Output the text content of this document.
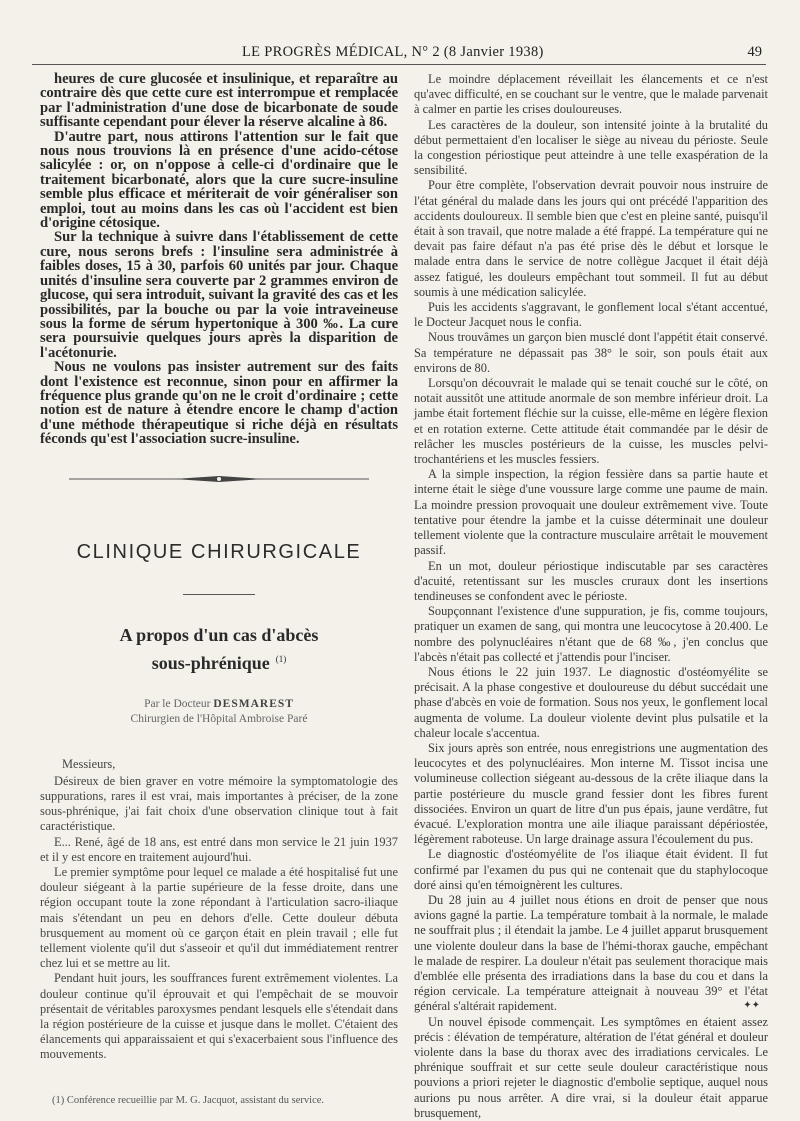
LE PROGRÈS MÉDICAL, N° 2 (8 Janvier 1938)	49

heures de cure glucosée et insulinique, et reparaître au contraire dès que cette cure est interrompue et remplacée par l'administration d'une dose de bicarbonate de soude suffisante cependant pour élever la réserve alcaline à 86.

D'autre part, nous attirons l'attention sur le fait que nous nous trouvions là en présence d'une acido-cétose salicylée : or, on n'oppose à celle-ci d'ordinaire que le traitement bicarbonaté, alors que la cure sucre-insuline semble plus efficace et mériterait de voir généraliser son emploi, tout au moins dans les cas où l'accident est bien d'origine cétosique.

Sur la technique à suivre dans l'établissement de cette cure, nous serons brefs : l'insuline sera administrée à faibles doses, 15 à 30, parfois 60 unités par jour. Chaque unités d'insuline sera couverte par 2 grammes environ de glucose, qui sera introduit, suivant la gravité des cas et les possibilités, par la bouche ou par la voie intraveineuse sous la forme de sérum hypertonique à 300 ‰. La cure sera poursuivie quelques jours après la disparition de l'acétonurie.

Nous ne voulons pas insister autrement sur des faits dont l'existence est reconnue, sinon pour en affirmer la fréquence plus grande qu'on ne le croit d'ordinaire ; cette notion est de nature à étendre encore le champ d'action d'une méthode thérapeutique si riche déjà en résultats féconds qu'est l'association sucre-insuline.

CLINIQUE CHIRURGICALE
A propos d'un cas d'abcès
sous-phrénique $^{(1)}$
Par le Docteur DESMAREST
Chirurgien de l'Hôpital Ambroise Paré

Messieurs,

Désireux de bien graver en votre mémoire la symptomatologie des suppurations, rares il est vrai, mais importantes à préciser, de la zone sous-phrénique, j'ai fait choix d'une observation clinique tout à fait caractéristique.

E... René, âgé de 18 ans, est entré dans mon service le 21 juin 1937 et il y est encore en traitement aujourd'hui.

Le premier symptôme pour lequel ce malade a été hospitalisé fut une douleur siégeant à la partie supérieure de la fesse droite, dans une région occupant toute la zone répondant à l'articulation sacro-iliaque mais s'étendant un peu en dehors d'elle. Cette douleur débuta brusquement au moment où ce garçon était en plein travail ; elle fut tellement violente qu'il dut s'asseoir et qu'il dut immédiatement rentrer chez lui et se mettre au lit.

Pendant huit jours, les souffrances furent extrêmement violentes. La douleur continue qu'il éprouvait et qui l'empêchait de se mouvoir présentait de véritables paroxysmes pendant lesquels elle s'étendait dans la région postérieure de la cuisse et jusque dans le mollet. C'étaient des élancements qui apparaissaient et qui s'exacerbaient sous l'influence des mouvements.

(1) Conférence recueillie par M. G. Jacquot, assistant du service.

Le moindre déplacement réveillait les élancements et ce n'est qu'avec difficulté, en se couchant sur le ventre, que le malade parvenait à calmer en partie les crises douloureuses.

Les caractères de la douleur, son intensité jointe à la brutalité du début permettaient d'en localiser le siège au niveau du périoste. Seule la congestion périostique peut atteindre à une telle exaspération de la sensibilité.

Pour être complète, l'observation devrait pouvoir nous instruire de l'état général du malade dans les jours qui ont précédé l'apparition des accidents douloureux. Il semble bien que c'est en pleine santé, puisqu'il était à son travail, que notre malade a été frappé. La température qui ne devait pas faire défaut n'a pas été prise dès le début et lorsque le malade entra dans le service de notre collègue Jacquet il était déjà assez fatigué, les douleurs empêchant tout sommeil. Il fut au début soumis à une médication salicylée.

Puis les accidents s'aggravant, le gonflement local s'étant accentué, le Docteur Jacquet nous le confia.

Nous trouvâmes un garçon bien musclé dont l'appétit était conservé. Sa température ne dépassait pas 38° le soir, son pouls était aux environs de 80.

Lorsqu'on découvrait le malade qui se tenait couché sur le côté, on notait aussitôt une attitude anormale de son membre inférieur droit. La jambe était fortement fléchie sur la cuisse, elle-même en légère flexion et en rotation externe. Cette attitude était commandée par le désir de relâcher les muscles postérieurs de la cuisse, les muscles pelvi-trochantériens et les muscles fessiers.

A la simple inspection, la région fessière dans sa partie haute et interne était le siège d'une voussure large comme une paume de main. La moindre pression provoquait une douleur extrêmement vive. Toute tentative pour étendre la jambe et la cuisse déterminait une douleur tellement violente que la contracture musculaire arrêtait le mouvement passif.

En un mot, douleur périostique indiscutable par ses caractères d'acuité, retentissant sur les muscles cruraux dont les insertions tendineuses se confondent avec le périoste.

Soupçonnant l'existence d'une suppuration, je fis, comme toujours, pratiquer un examen de sang, qui montra une leucocytose à 20.400. Le nombre des polynucléaires n'étant que de 68 ‰, j'en conclus que l'abcès n'était pas collecté et j'attendis pour l'inciser.

Nous étions le 22 juin 1937. Le diagnostic d'ostéomyélite se précisait. A la phase congestive et douloureuse du début succédait une phase d'abcès en voie de formation. Sous nos yeux, le gonflement local augmenta de volume. La douleur violente devint plus pulsatile et la chaleur locale s'accentua.

Six jours après son entrée, nous enregistrions une augmentation des leucocytes et des polynucléaires. Mon interne M. Tissot incisa une volumineuse collection siégeant au-dessous de la crête iliaque dans la partie postérieure du muscle grand fessier dont les fibres furent dissociées. Environ un quart de litre d'un pus épais, jaune verdâtre, fut évacué. L'exploration montra une aile iliaque paraissant dépériostée, légèrement raboteuse. Un large drainage assura l'écoulement du pus.

Le diagnostic d'ostéomyélite de l'os iliaque était évident. Il fut confirmé par l'examen du pus qui ne contenait que du staphylocoque doré ainsi qu'en témoignèrent les cultures.

Du 28 juin au 4 juillet nous étions en droit de penser que nous avions gagné la partie. La température tombait à la normale, le malade ne souffrait plus ; il étendait la jambe. Le 4 juillet apparut brusquement une violente douleur dans la base de l'hémi-thorax gauche, empêchant le malade de respirer. La douleur n'était pas seulement thoracique mais d'emblée elle présenta des irradiations dans la base du cou et dans la région cervicale. La température atteignait à nouveau 39° et l'état général s'altérait rapidement.

Un nouvel épisode commençait. Les symptômes en étaient assez précis : élévation de température, altération de l'état général et douleur violente dans la base du thorax avec des irradiations cervicales. Le phrénique souffrait et sur cette seule douleur caractéristique nous pouvions a priori rejeter le diagnostic d'embolie septique, auquel nous aurions pu nous arrêter. A dire vrai, si la douleur était apparue brusquement,

✦✦
